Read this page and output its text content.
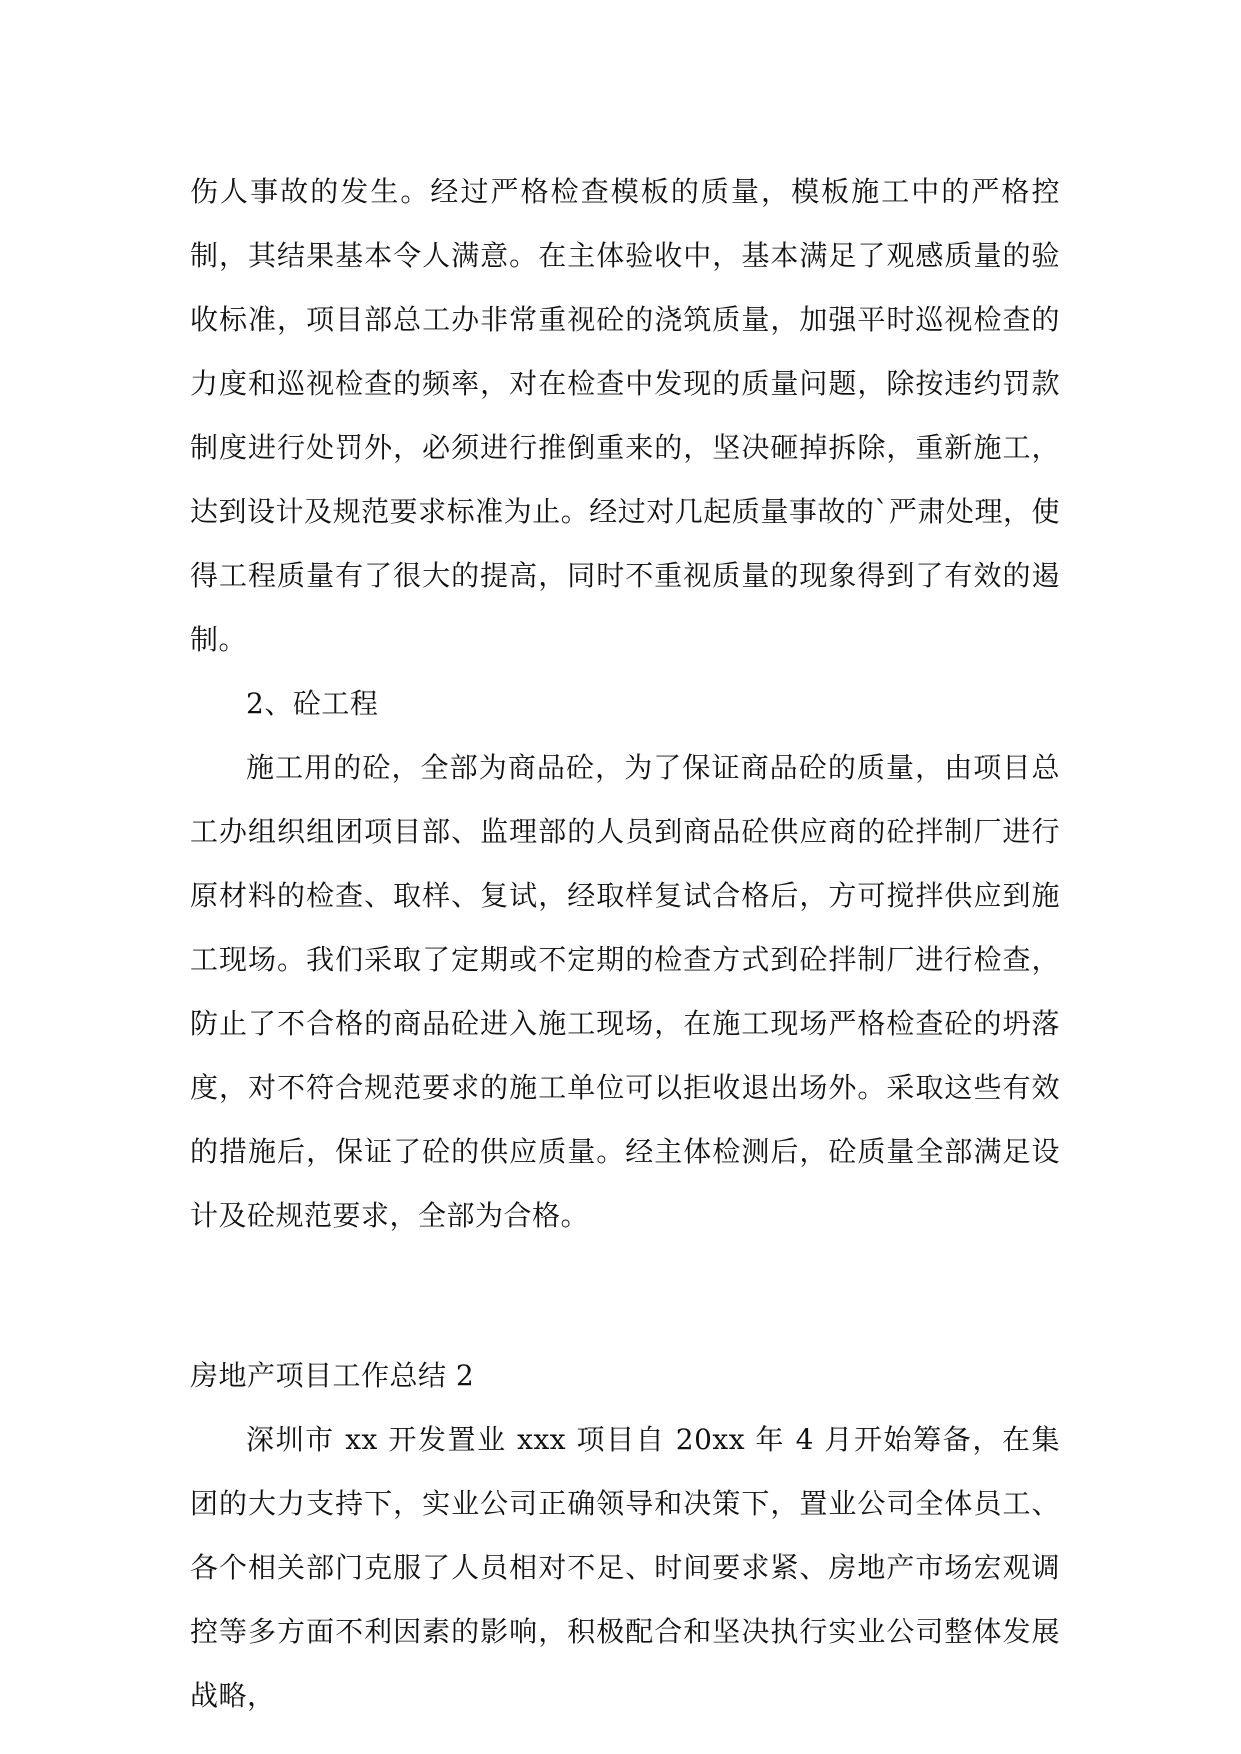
伤人事故的发生。经过严格检查模板的质量，模板施工中的严格控制，其结果基本令人满意。在主体验收中，基本满足了观感质量的验收标准，项目部总工办非常重视砼的浇筑质量，加强平时巡视检查的力度和巡视检查的频率，对在检查中发现的质量问题，除按违约罚款制度进行处罚外，必须进行推倒重来的，坚决砸掉拆除，重新施工，达到设计及规范要求标准为止。经过对几起质量事故的`严肃处理，使得工程质量有了很大的提高，同时不重视质量的现象得到了有效的遏制。

2、砼工程

施工用的砼，全部为商品砼，为了保证商品砼的质量，由项目总工办组织组团项目部、监理部的人员到商品砼供应商的砼拌制厂进行原材料的检查、取样、复试，经取样复试合格后，方可搅拌供应到施工现场。我们采取了定期或不定期的检查方式到砼拌制厂进行检查，防止了不合格的商品砼进入施工现场，在施工现场严格检查砼的坍落度，对不符合规范要求的施工单位可以拒收退出场外。采取这些有效的措施后，保证了砼的供应质量。经主体检测后，砼质量全部满足设计及砼规范要求，全部为合格。

房地产项目工作总结 2

深圳市 xx 开发置业 xxx 项目自 20xx 年 4 月开始筹备，在集团的大力支持下，实业公司正确领导和决策下，置业公司全体员工、各个相关部门克服了人员相对不足、时间要求紧、房地产市场宏观调控等多方面不利因素的影响，积极配合和坚决执行实业公司整体发展战略，
